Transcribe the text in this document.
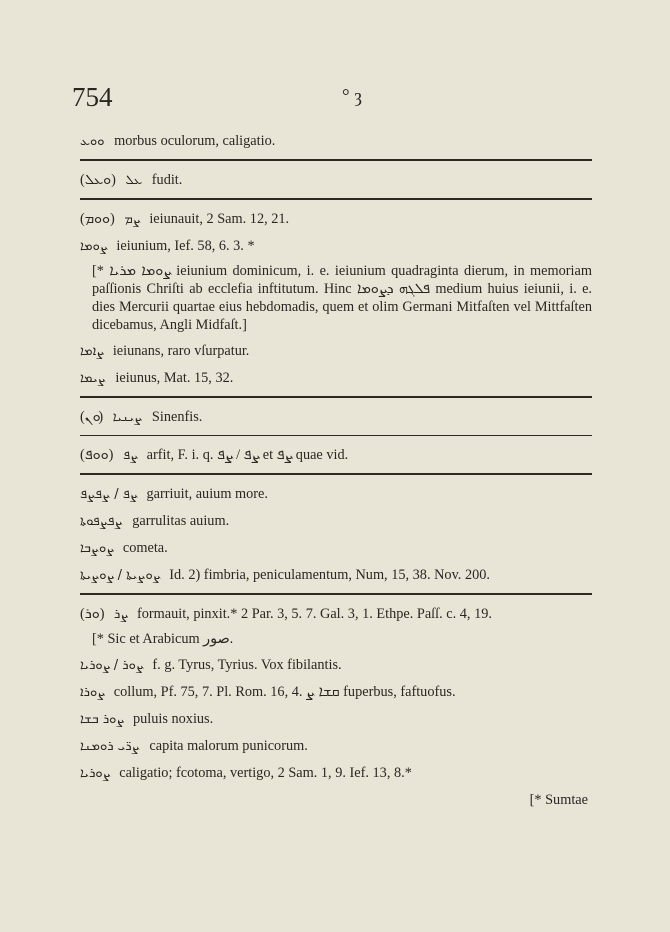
754	° ȝ
ܘܘܥ morbus oculorum, caligatio.
(ܘܥܠ) ܥܠ fudit.
(ܘܘܡ) ܨܡ ieiunauit, 2 Sam. 12, 21.
ܨܘܡܐ ieiunium, Ief. 58, 6. 3. *
[* ܨܘܡܐ ܡܪܝܐ ieiunium dominicum, i. e. ieiunium quadraginta dierum, in memoriam paſſionis Chriſti ab ecclefia inftitutum. Hinc ܦܠܓܗ ܕܨܘܡܐ medium huius ieiunii, i. e. dies Mercurii quartae eius hebdomadis, quem et olim Germani Mitfaſten vel Mittfaſten dicebamus, Angli Midfaſt.]
ܨܐܡܐ ieiunans, raro vſurpatur.
ܨܝܡܐ ieiunus, Mat. 15, 32.
(ܘܢ) ܨܝܢܝܐ Sinenfis.
(ܘܘܦ) ܨܦ arfit, F. i. q. ܨܦ / ܨܦ et ܨܦ quae vid.
ܨܦ / ܨܦܨܦ garriuit, auium more.
ܨܦܨܦܘܬܐ garrulitas auium.
ܨܘܨܒܐ cometa.
ܨܘܨܝܬܐ / ܨܘܨܝܬܐ Id. 2) fimbria, peniculamentum, Num, 15, 38. Nov. 200.
(ܘܪ) ܨܪ formauit, pinxit.* 2 Par. 3, 5. 7. Gal. 3, 1. Ethpe. Paſſ. c. 4, 19.
[* Sic et Arabicum صور.
ܨܘܪ / ܨܘܪܝܐ f. g. Tyrus, Tyrius. Vox fibilantis.
ܨܘܪܐ collum, Pf. 75, 7. Pl. Rom. 16, 4. ܩܫܐ ܨ fuperbus, faftuofus.
ܨܘܪ ܒܫܐ puluis noxius.
ܨܪ̈ܝ ܪܘܡܢܐ capita malorum punicorum.
ܨܘܪܝܐ caligatio; fcotoma, vertigo, 2 Sam. 1, 9. Ief. 13, 8.*
[* Sumtae
